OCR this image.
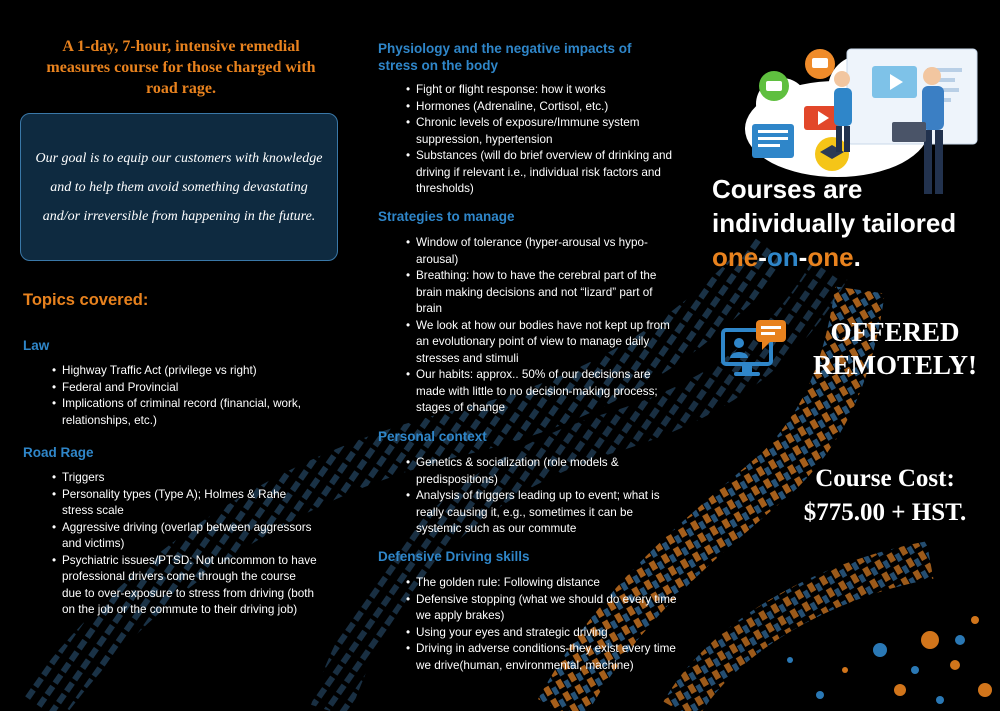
A 1-day, 7-hour, intensive remedial measures course for those charged with road rage.

Our goal is to equip our customers with knowledge and to help them avoid something devastating and/or irreversible from happening in the future.

Topics covered:
Law
• Highway Traffic Act (privilege vs right)
• Federal and Provincial
• Implications of criminal record (financial, work, relationships, etc.)
Road Rage
• Triggers
• Personality types (Type A); Holmes & Rahe stress scale
• Aggressive driving (overlap between aggressors and victims)
• Psychiatric issues/PTSD: Not uncommon to have professional drivers come through the course due to over-exposure to stress from driving (both on the job or the commute to their driving job)
Physiology and the negative impacts of stress on the body
• Fight or flight response: how it works
• Hormones (Adrenaline, Cortisol, etc.)
• Chronic levels of exposure/Immune system suppression, hypertension
• Substances (will do brief overview of drinking and driving if relevant i.e., individual risk factors and thresholds)
Strategies to manage
• Window of tolerance (hyper-arousal vs hypo-arousal)
• Breathing: how to have the cerebral part of the brain making decisions and not “lizard” part of brain
• We look at how our bodies have not kept up from an evolutionary point of view to manage daily stresses and stimuli
• Our habits: approx.. 50% of our decisions are made with little to no decision-making process; stages of change
Personal context
• Genetics & socialization (role models & predispositions)
• Analysis of triggers leading up to event; what is really causing it, e.g., sometimes it can be systemic such as our commute
Defensive Driving skills
• The golden rule: Following distance
• Defensive stopping (what we should do every time we apply brakes)
• Using your eyes and strategic driving
• Driving in adverse conditions-they exist every time we drive(human, environmental, machine)
Courses are
individually tailored
one-on-one.
OFFERED
REMOTELY!
Course Cost:
$775.00 + HST.
